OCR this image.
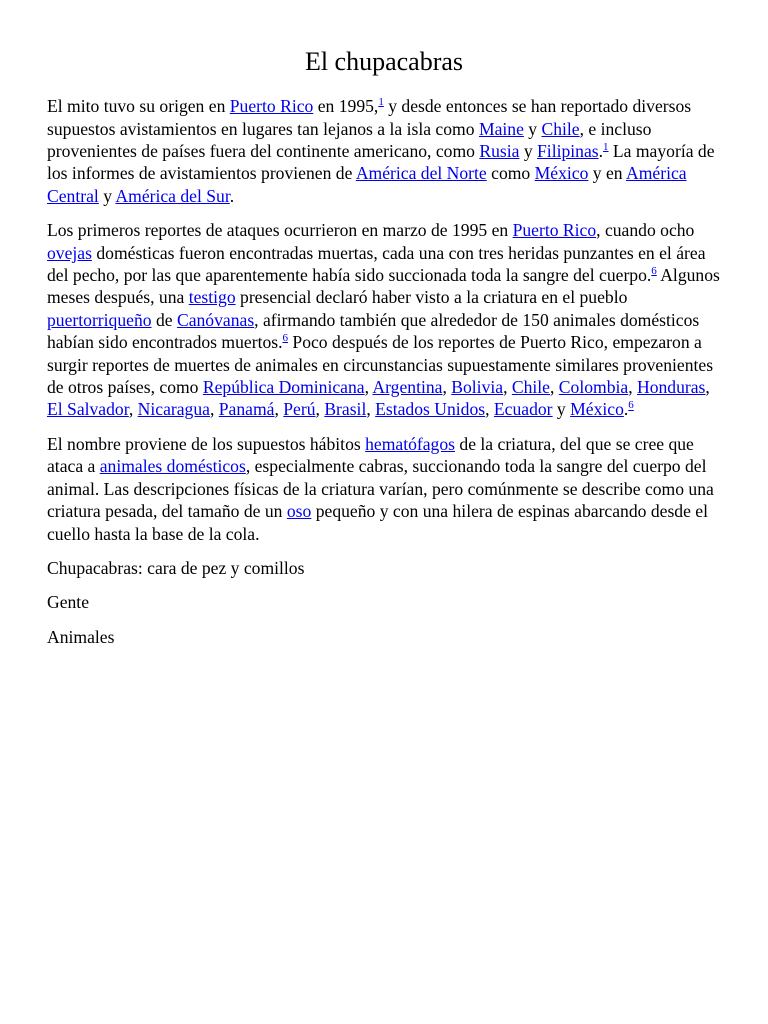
El chupacabras

El mito tuvo su origen en Puerto Rico en 1995,$^1$ y desde entonces se han reportado diversos supuestos avistamientos en lugares tan lejanos a la isla como Maine y Chile, e incluso provenientes de países fuera del continente americano, como Rusia y Filipinas.$^1$ La mayoría de los informes de avistamientos provienen de América del Norte como México y en América Central y América del Sur.

Los primeros reportes de ataques ocurrieron en marzo de 1995 en Puerto Rico, cuando ocho ovejas domésticas fueron encontradas muertas, cada una con tres heridas punzantes en el área del pecho, por las que aparentemente había sido succionada toda la sangre del cuerpo.$^6$ Algunos meses después, una testigo presencial declaró haber visto a la criatura en el pueblo puertorriqueño de Canóvanas, afirmando también que alrededor de 150 animales domésticos habían sido encontrados muertos.$^6$ Poco después de los reportes de Puerto Rico, empezaron a surgir reportes de muertes de animales en circunstancias supuestamente similares provenientes de otros países, como República Dominicana, Argentina, Bolivia, Chile, Colombia, Honduras, El Salvador, Nicaragua, Panamá, Perú, Brasil, Estados Unidos, Ecuador y México.$^6$

El nombre proviene de los supuestos hábitos hematófagos de la criatura, del que se cree que ataca a animales domésticos, especialmente cabras, succionando toda la sangre del cuerpo del animal. Las descripciones físicas de la criatura varían, pero comúnmente se describe como una criatura pesada, del tamaño de un oso pequeño y con una hilera de espinas abarcando desde el cuello hasta la base de la cola.

Chupacabras: cara de pez y comillos

Gente

Animales
